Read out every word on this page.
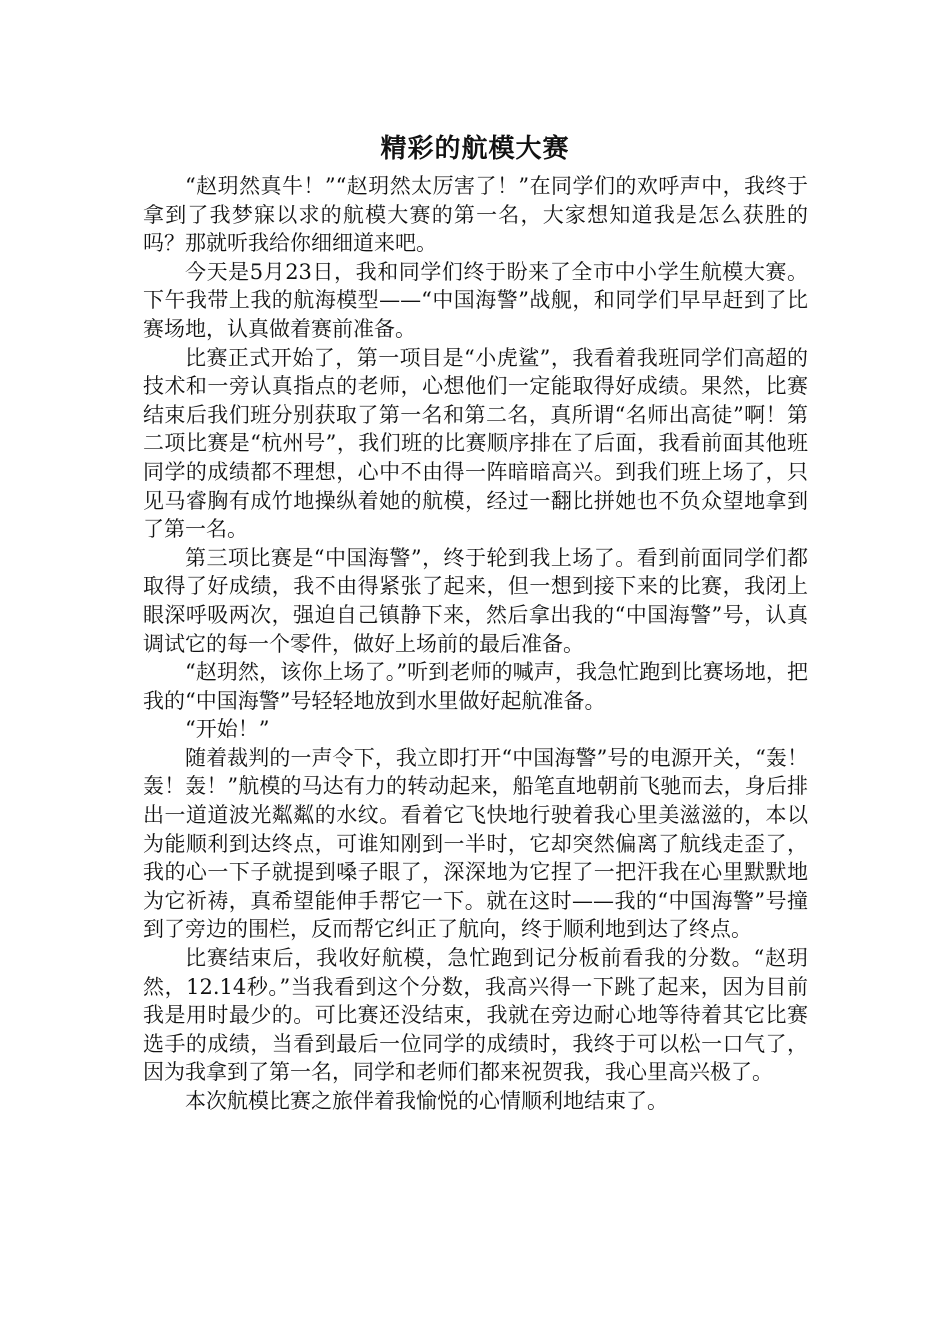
精彩的航模大赛

“赵玥然真牛！”“赵玥然太厉害了！”在同学们的欢呼声中，我终于拿到了我梦寐以求的航模大赛的第一名，大家想知道我是怎么获胜的吗？那就听我给你细细道来吧。

今天是5月23日，我和同学们终于盼来了全市中小学生航模大赛。下午我带上我的航海模型——“中国海警”战舰，和同学们早早赶到了比赛场地，认真做着赛前准备。

比赛正式开始了，第一项目是“小虎鲨”，我看着我班同学们高超的技术和一旁认真指点的老师，心想他们一定能取得好成绩。果然，比赛结束后我们班分别获取了第一名和第二名，真所谓“名师出高徒”啊！第二项比赛是“杭州号”，我们班的比赛顺序排在了后面，我看前面其他班同学的成绩都不理想，心中不由得一阵暗暗高兴。到我们班上场了，只见马睿胸有成竹地操纵着她的航模，经过一翻比拼她也不负众望地拿到了第一名。

第三项比赛是“中国海警”，终于轮到我上场了。看到前面同学们都取得了好成绩，我不由得紧张了起来，但一想到接下来的比赛，我闭上眼深呼吸两次，强迫自己镇静下来，然后拿出我的“中国海警”号，认真调试它的每一个零件，做好上场前的最后准备。

“赵玥然，该你上场了。”听到老师的喊声，我急忙跑到比赛场地，把我的“中国海警”号轻轻地放到水里做好起航准备。

“开始！”

随着裁判的一声令下，我立即打开“中国海警”号的电源开关，“轰！轰！轰！”航模的马达有力的转动起来，船笔直地朝前飞驰而去，身后排出一道道波光粼粼的水纹。看着它飞快地行驶着我心里美滋滋的，本以为能顺利到达终点，可谁知刚到一半时，它却突然偏离了航线走歪了，我的心一下子就提到嗓子眼了，深深地为它捏了一把汗我在心里默默地为它祈祷，真希望能伸手帮它一下。就在这时——我的“中国海警”号撞到了旁边的围栏，反而帮它纠正了航向，终于顺利地到达了终点。

比赛结束后，我收好航模，急忙跑到记分板前看我的分数。“赵玥然，12.14秒。”当我看到这个分数，我高兴得一下跳了起来，因为目前我是用时最少的。可比赛还没结束，我就在旁边耐心地等待着其它比赛选手的成绩，当看到最后一位同学的成绩时，我终于可以松一口气了，因为我拿到了第一名，同学和老师们都来祝贺我，我心里高兴极了。

本次航模比赛之旅伴着我愉悦的心情顺利地结束了。
